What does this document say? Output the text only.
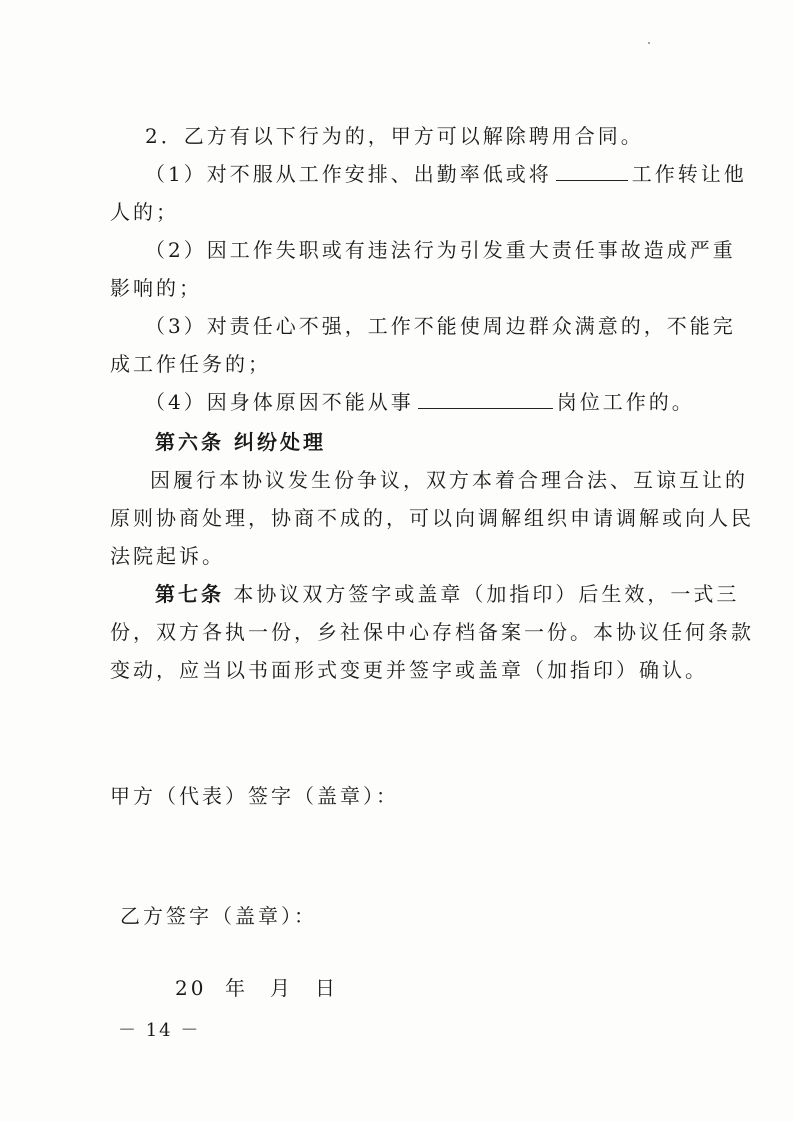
2．乙方有以下行为的，甲方可以解除聘用合同。
（1）对不服从工作安排、出勤率低或将	工作转让他
人的；
（2）因工作失职或有违法行为引发重大责任事故造成严重
影响的；
（3）对责任心不强，工作不能使周边群众满意的，不能完
成工作任务的；
（4）因身体原因不能从事	岗位工作的。
第六条 纠纷处理
因履行本协议发生份争议，双方本着合理合法、互谅互让的
原则协商处理，协商不成的，可以向调解组织申请调解或向人民
法院起诉。
第七条 本协议双方签字或盖章（加指印）后生效，一式三
份，双方各执一份，乡社保中心存档备案一份。本协议任何条款
变动，应当以书面形式变更并签字或盖章（加指印）确认。
甲方（代表）签字（盖章）：
乙方签字（盖章）：
20 年 月 日
－ 14 －
